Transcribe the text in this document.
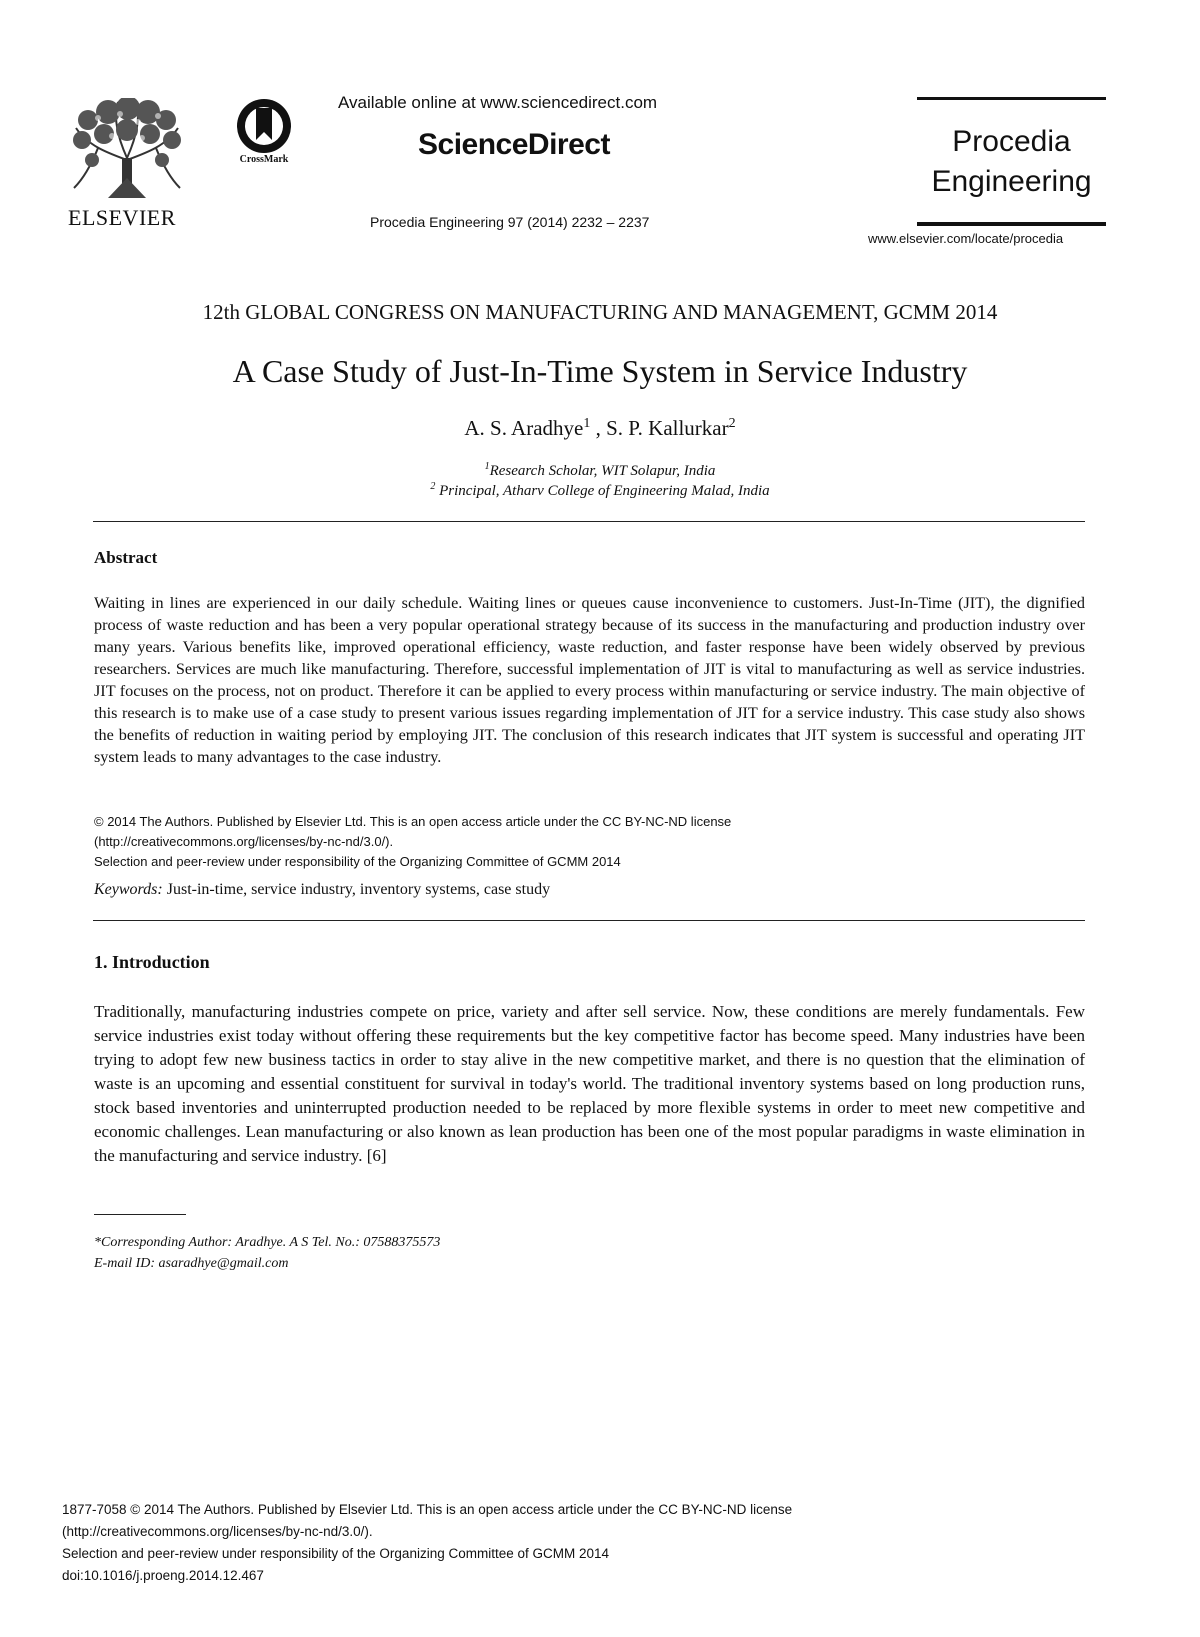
ELSEVIER
CrossMark
Available online at www.sciencedirect.com
ScienceDirect
Procedia Engineering 97 (2014) 2232 – 2237
Procedia
Engineering
www.elsevier.com/locate/procedia
12th GLOBAL CONGRESS ON MANUFACTURING AND MANAGEMENT, GCMM 2014
A Case Study of Just-In-Time System in Service Industry
A. S. Aradhye$^1$ , S. P. Kallurkar$^2$
$^1$Research Scholar, WIT Solapur, India
$^2$ Principal, Atharv College of Engineering Malad, India
Abstract
Waiting in lines are experienced in our daily schedule. Waiting lines or queues cause inconvenience to customers. Just-In-Time (JIT), the dignified process of waste reduction and has been a very popular operational strategy because of its success in the manufacturing and production industry over many years. Various benefits like, improved operational efficiency, waste reduction, and faster response have been widely observed by previous researchers. Services are much like manufacturing. Therefore, successful implementation of JIT is vital to manufacturing as well as service industries. JIT focuses on the process, not on product. Therefore it can be applied to every process within manufacturing or service industry. The main objective of this research is to make use of a case study to present various issues regarding implementation of JIT for a service industry. This case study also shows the benefits of reduction in waiting period by employing JIT. The conclusion of this research indicates that JIT system is successful and operating JIT system leads to many advantages to the case industry.
© 2014 The Authors. Published by Elsevier Ltd. This is an open access article under the CC BY-NC-ND license
(http://creativecommons.org/licenses/by-nc-nd/3.0/).
Selection and peer-review under responsibility of the Organizing Committee of GCMM 2014
Keywords: Just-in-time, service industry, inventory systems, case study
1. Introduction
Traditionally, manufacturing industries compete on price, variety and after sell service. Now, these conditions are merely fundamentals. Few service industries exist today without offering these requirements but the key competitive factor has become speed. Many industries have been trying to adopt few new business tactics in order to stay alive in the new competitive market, and there is no question that the elimination of waste is an upcoming and essential constituent for survival in today's world. The traditional inventory systems based on long production runs, stock based inventories and uninterrupted production needed to be replaced by more flexible systems in order to meet new competitive and economic challenges. Lean manufacturing or also known as lean production has been one of the most popular paradigms in waste elimination in the manufacturing and service industry. [6]
*Corresponding Author: Aradhye. A S Tel. No.: 07588375573
E-mail ID: asaradhye@gmail.com
1877-7058 © 2014 The Authors. Published by Elsevier Ltd. This is an open access article under the CC BY-NC-ND license
(http://creativecommons.org/licenses/by-nc-nd/3.0/).
Selection and peer-review under responsibility of the Organizing Committee of GCMM 2014
doi:10.1016/j.proeng.2014.12.467
